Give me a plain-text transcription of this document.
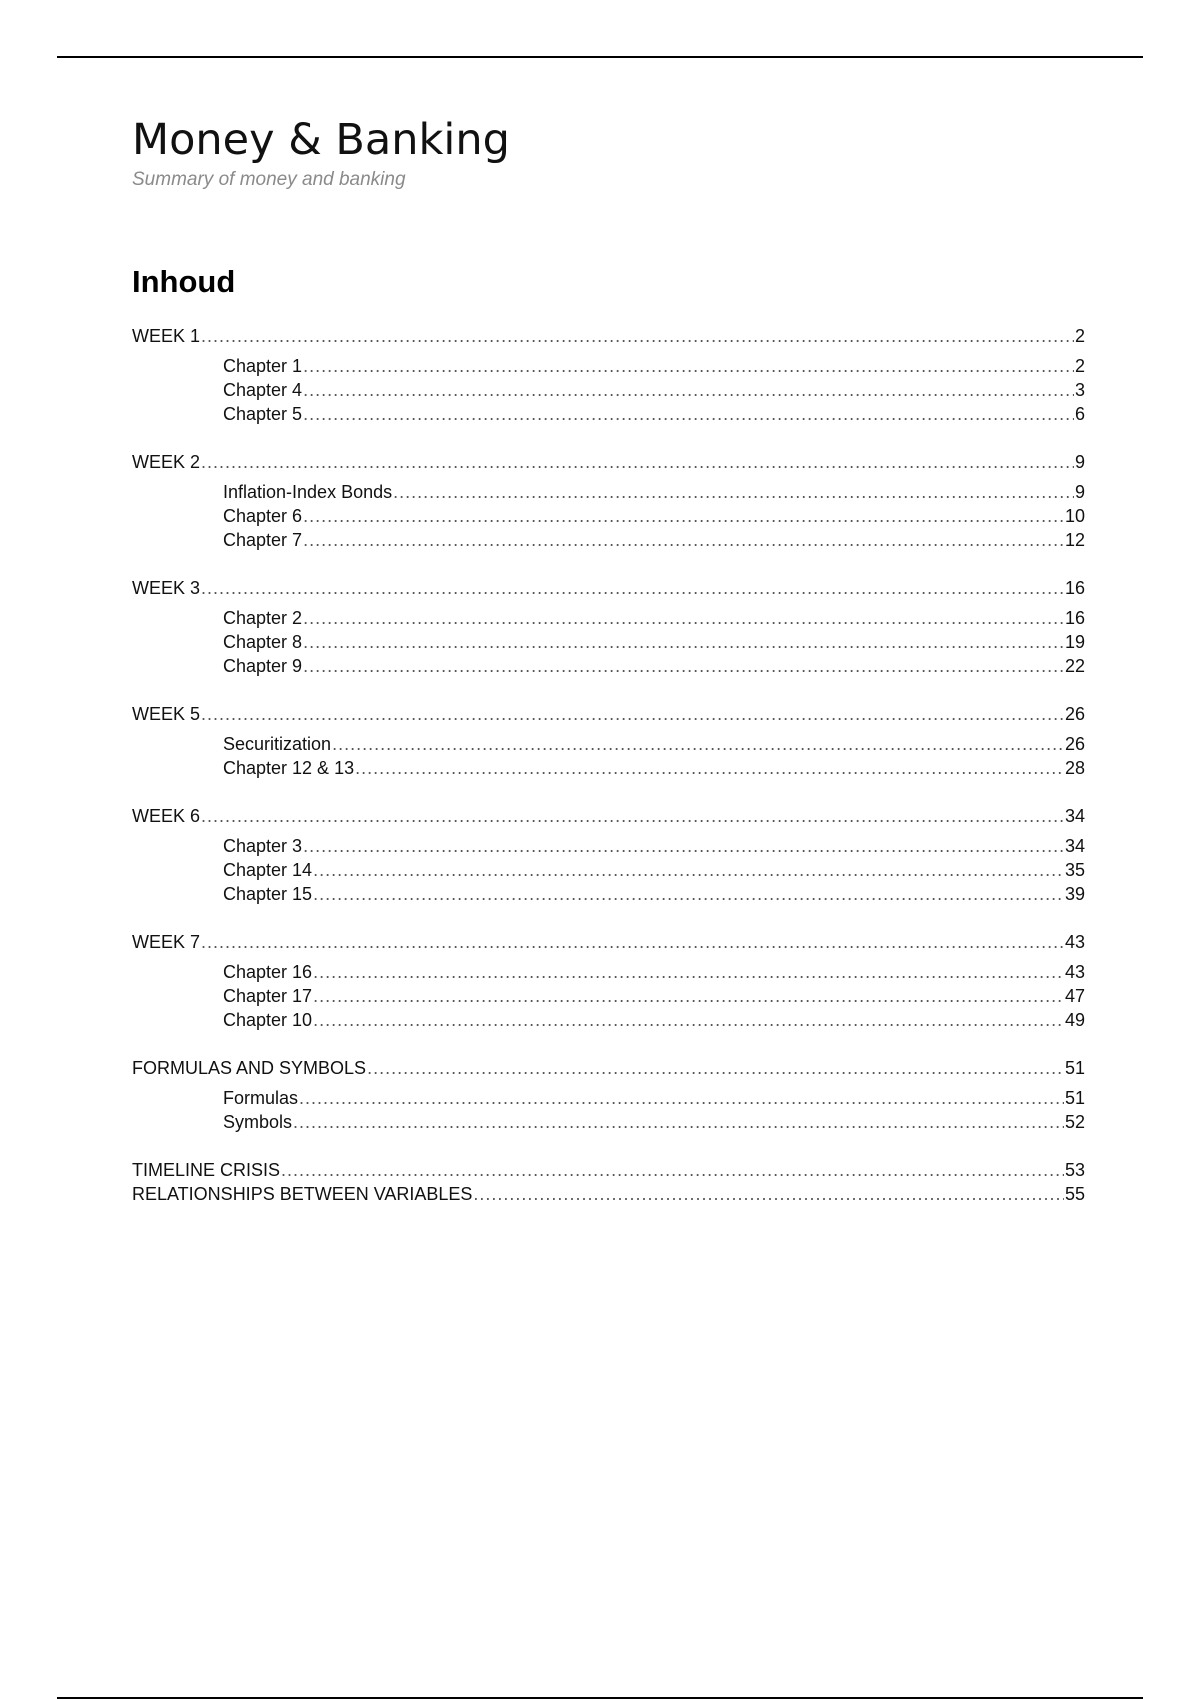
Money & Banking

Summary of money and banking

Inhoud
WEEK 1 .....	2
Chapter 1 .....	2
Chapter 4 .....	3
Chapter 5 .....	6
WEEK 2 .....	9
Inflation-Index Bonds .....	9
Chapter 6 .....	10
Chapter 7 .....	12
WEEK 3 .....	16
Chapter 2 .....	16
Chapter 8 .....	19
Chapter 9 .....	22
WEEK 5 .....	26
Securitization .....	26
Chapter 12 & 13 .....	28
WEEK 6 .....	34
Chapter 3 .....	34
Chapter 14 .....	35
Chapter 15 .....	39
WEEK 7 .....	43
Chapter 16 .....	43
Chapter 17 .....	47
Chapter 10 .....	49
FORMULAS AND SYMBOLS .....	51
Formulas .....	51
Symbols .....	52
TIMELINE CRISIS .....	53
RELATIONSHIPS BETWEEN VARIABLES .....	55
